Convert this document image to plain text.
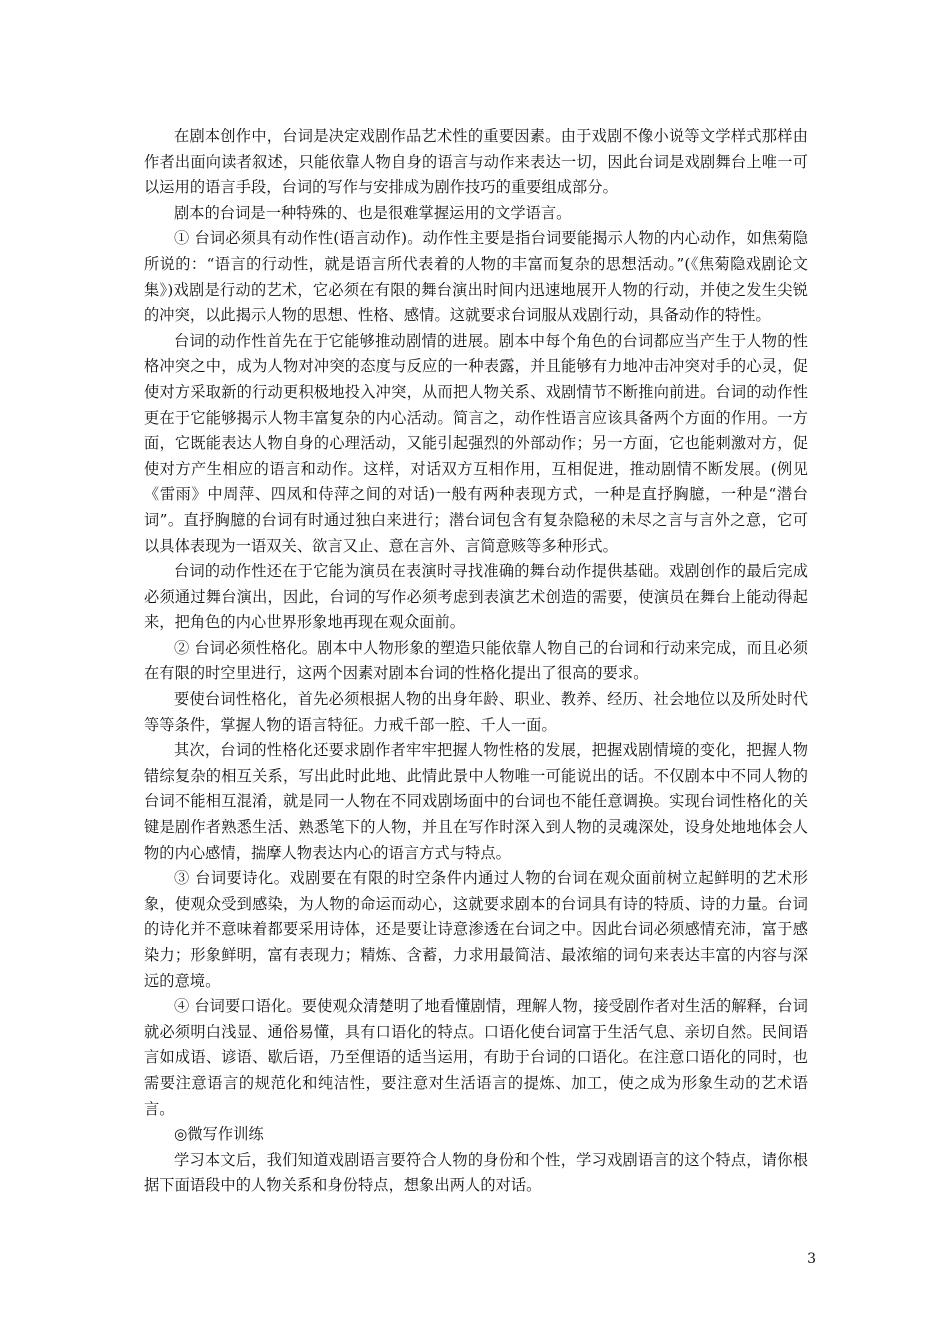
在剧本创作中，台词是决定戏剧作品艺术性的重要因素。由于戏剧不像小说等文学样式那样由作者出面向读者叙述，只能依靠人物自身的语言与动作来表达一切，因此台词是戏剧舞台上唯一可以运用的语言手段，台词的写作与安排成为剧作技巧的重要组成部分。

剧本的台词是一种特殊的、也是很难掌握运用的文学语言。

① 台词必须具有动作性(语言动作)。动作性主要是指台词要能揭示人物的内心动作，如焦菊隐所说的：“语言的行动性，就是语言所代表着的人物的丰富而复杂的思想活动。”(《焦菊隐戏剧论文集》)戏剧是行动的艺术，它必须在有限的舞台演出时间内迅速地展开人物的行动，并使之发生尖锐的冲突，以此揭示人物的思想、性格、感情。这就要求台词服从戏剧行动，具备动作的特性。

台词的动作性首先在于它能够推动剧情的进展。剧本中每个角色的台词都应当产生于人物的性格冲突之中，成为人物对冲突的态度与反应的一种表露，并且能够有力地冲击冲突对手的心灵，促使对方采取新的行动更积极地投入冲突，从而把人物关系、戏剧情节不断推向前进。台词的动作性更在于它能够揭示人物丰富复杂的内心活动。简言之，动作性语言应该具备两个方面的作用。一方面，它既能表达人物自身的心理活动，又能引起强烈的外部动作；另一方面，它也能刺激对方，促使对方产生相应的语言和动作。这样，对话双方互相作用，互相促进，推动剧情不断发展。(例见《雷雨》中周萍、四凤和侍萍之间的对话)一般有两种表现方式，一种是直抒胸臆，一种是“潜台词”。直抒胸臆的台词有时通过独白来进行；潜台词包含有复杂隐秘的未尽之言与言外之意，它可以具体表现为一语双关、欲言又止、意在言外、言简意赅等多种形式。

台词的动作性还在于它能为演员在表演时寻找准确的舞台动作提供基础。戏剧创作的最后完成必须通过舞台演出，因此，台词的写作必须考虑到表演艺术创造的需要，使演员在舞台上能动得起来，把角色的内心世界形象地再现在观众面前。

② 台词必须性格化。剧本中人物形象的塑造只能依靠人物自己的台词和行动来完成，而且必须在有限的时空里进行，这两个因素对剧本台词的性格化提出了很高的要求。

要使台词性格化，首先必须根据人物的出身年龄、职业、教养、经历、社会地位以及所处时代等等条件，掌握人物的语言特征。力戒千部一腔、千人一面。

其次，台词的性格化还要求剧作者牢牢把握人物性格的发展，把握戏剧情境的变化，把握人物错综复杂的相互关系，写出此时此地、此情此景中人物唯一可能说出的话。不仅剧本中不同人物的台词不能相互混淆，就是同一人物在不同戏剧场面中的台词也不能任意调换。实现台词性格化的关键是剧作者熟悉生活、熟悉笔下的人物，并且在写作时深入到人物的灵魂深处，设身处地地体会人物的内心感情，揣摩人物表达内心的语言方式与特点。

③ 台词要诗化。戏剧要在有限的时空条件内通过人物的台词在观众面前树立起鲜明的艺术形象，使观众受到感染，为人物的命运而动心，这就要求剧本的台词具有诗的特质、诗的力量。台词的诗化并不意味着都要采用诗体，还是要让诗意渗透在台词之中。因此台词必须感情充沛，富于感染力；形象鲜明，富有表现力；精炼、含蓄，力求用最简洁、最浓缩的词句来表达丰富的内容与深远的意境。

④ 台词要口语化。要使观众清楚明了地看懂剧情，理解人物，接受剧作者对生活的解释，台词就必须明白浅显、通俗易懂，具有口语化的特点。口语化使台词富于生活气息、亲切自然。民间语言如成语、谚语、歇后语，乃至俚语的适当运用，有助于台词的口语化。在注意口语化的同时，也需要注意语言的规范化和纯洁性，要注意对生活语言的提炼、加工，使之成为形象生动的艺术语言。

◎微写作训练

学习本文后，我们知道戏剧语言要符合人物的身份和个性，学习戏剧语言的这个特点，请你根据下面语段中的人物关系和身份特点，想象出两人的对话。

3
